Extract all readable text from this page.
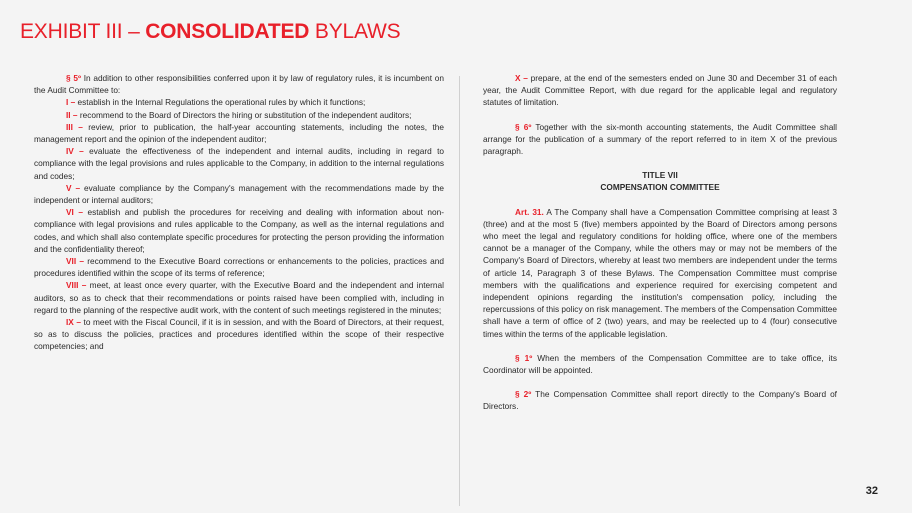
EXHIBIT III – CONSOLIDATED BYLAWS

§ 5º In addition to other responsibilities conferred upon it by law of regulatory rules, it is incumbent on the Audit Committee to:

I – establish in the Internal Regulations the operational rules by which it functions;

II – recommend to the Board of Directors the hiring or substitution of the independent auditors;

III – review, prior to publication, the half-year accounting statements, including the notes, the management report and the opinion of the independent auditor;

IV – evaluate the effectiveness of the independent and internal audits, including in regard to compliance with the legal provisions and rules applicable to the Company, in addition to the internal regulations and codes;

V – evaluate compliance by the Company's management with the recommendations made by the independent or internal auditors;

VI – establish and publish the procedures for receiving and dealing with information about non-compliance with legal provisions and rules applicable to the Company, as well as the internal regulations and codes, and which shall also contemplate specific procedures for protecting the person providing the information and the confidentiality thereof;

VII – recommend to the Executive Board corrections or enhancements to the policies, practices and procedures identified within the scope of its terms of reference;

VIII – meet, at least once every quarter, with the Executive Board and the independent and internal auditors, so as to check that their recommendations or points raised have been complied with, including in regard to the planning of the respective audit work, with the content of such meetings registered in the minutes;

IX – to meet with the Fiscal Council, if it is in session, and with the Board of Directors, at their request, so as to discuss the policies, practices and procedures identified within the scope of their respective competencies; and

X – prepare, at the end of the semesters ended on June 30 and December 31 of each year, the Audit Committee Report, with due regard for the applicable legal and regulatory statutes of limitation.

§ 6º Together with the six-month accounting statements, the Audit Committee shall arrange for the publication of a summary of the report referred to in item X of the previous paragraph.

TITLE VII

COMPENSATION COMMITTEE

Art. 31. A The Company shall have a Compensation Committee comprising at least 3 (three) and at the most 5 (five) members appointed by the Board of Directors among persons who meet the legal and regulatory conditions for holding office, where one of the members cannot be a manager of the Company, while the others may or may not be members of the Company's Board of Directors, whereby at least two members are independent under the terms of article 14, Paragraph 3 of these Bylaws. The Compensation Committee must comprise members with the qualifications and experience required for exercising competent and independent opinions regarding the institution's compensation policy, including the repercussions of this policy on risk management. The members of the Compensation Committee shall have a term of office of 2 (two) years, and may be reelected up to 4 (four) consecutive times within the terms of the applicable legislation.

§ 1º When the members of the Compensation Committee are to take office, its Coordinator will be appointed.

§ 2º The Compensation Committee shall report directly to the Company's Board of Directors.

32
